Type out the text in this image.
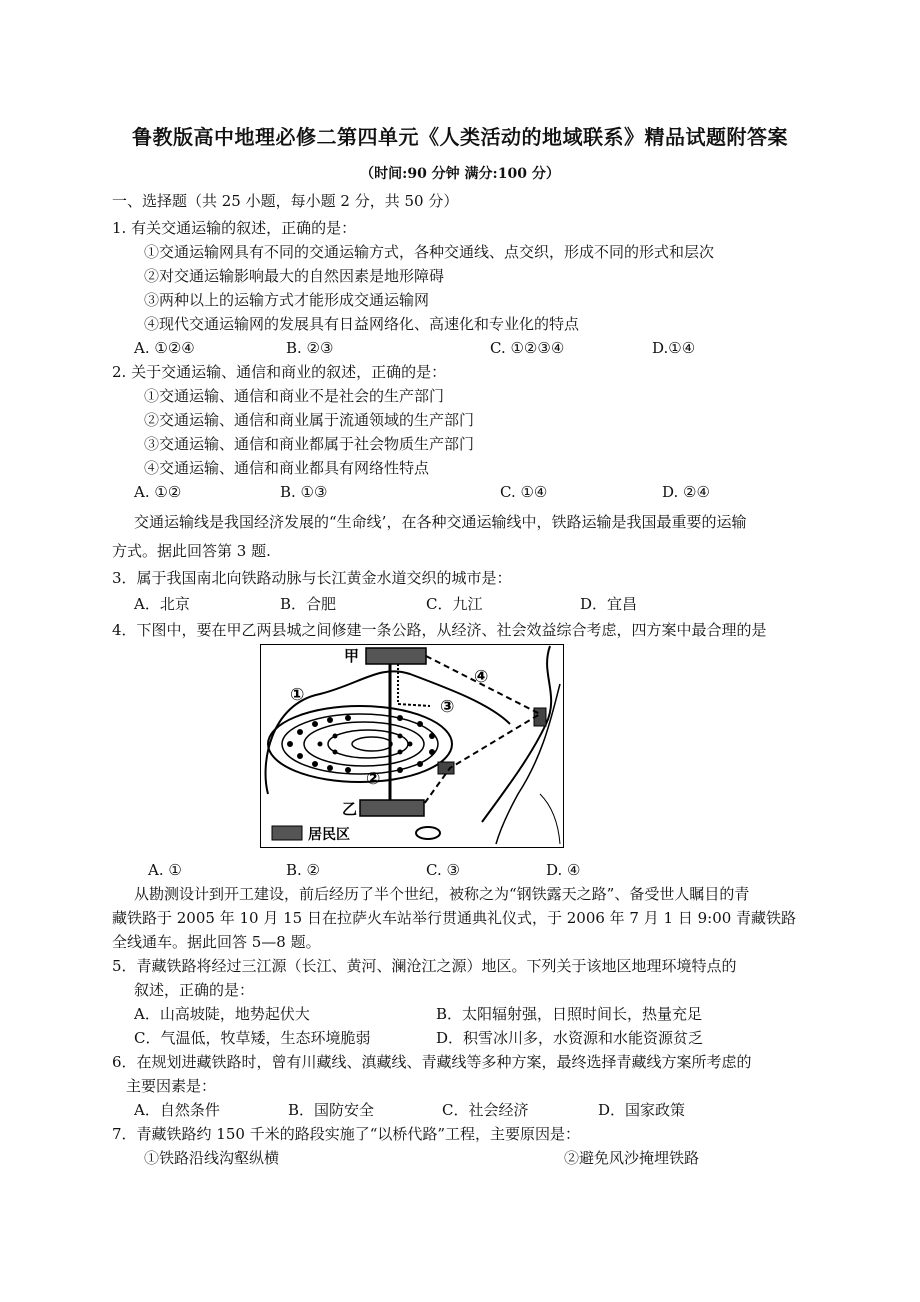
鲁教版高中地理必修二第四单元《人类活动的地域联系》精品试题附答案
（时间:90 分钟 满分:100 分）
一、选择题（共 25 小题，每小题 2 分，共 50 分）
1. 有关交通运输的叙述，正确的是：
①交通运输网具有不同的交通运输方式，各种交通线、点交织，形成不同的形式和层次
②对交通运输影响最大的自然因素是地形障碍
③两种以上的运输方式才能形成交通运输网
④现代交通运输网的发展具有日益网络化、高速化和专业化的特点
A. ①②④	B. ②③	C. ①②③④	D.①④
2. 关于交通运输、通信和商业的叙述，正确的是：
①交通运输、通信和商业不是社会的生产部门
②交通运输、通信和商业属于流通领域的生产部门
③交通运输、通信和商业都属于社会物质生产部门
④交通运输、通信和商业都具有网络性特点
A. ①②	B. ①③	C. ①④	D. ②④
交通运输线是我国经济发展的“生命线’，在各种交通运输线中，铁路运输是我国最重要的运输
方式。据此回答第 3 题.
3．属于我国南北向铁路动脉与长江黄金水道交织的城市是：
A．北京	B．合肥	C．九江	D．宜昌
4．下图中，要在甲乙两县城之间修建一条公路，从经济、社会效益综合考虑，四方案中最合理的是
甲
乙
①
②
③
④
居民区
A. ①	B. ②	C. ③	D. ④
从勘测设计到开工建设，前后经历了半个世纪，被称之为“钢铁露天之路”、备受世人瞩目的青
藏铁路于 2005 年 10 月 15 日在拉萨火车站举行贯通典礼仪式，于 2006 年 7 月 1 日 9:00 青藏铁路
全线通车。据此回答 5—8 题。
5．青藏铁路将经过三江源（长江、黄河、澜沧江之源）地区。下列关于该地区地理环境特点的
叙述，正确的是：
A．山高坡陡，地势起伏大	B．太阳辐射强，日照时间长，热量充足
C．气温低，牧草矮，生态环境脆弱	D．积雪冰川多，水资源和水能资源贫乏
6．在规划进藏铁路时，曾有川藏线、滇藏线、青藏线等多种方案，最终选择青藏线方案所考虑的
主要因素是：
A．自然条件	B．国防安全	C．社会经济	D．国家政策
7．青藏铁路约 150 千米的路段实施了“以桥代路”工程，主要原因是：
①铁路沿线沟壑纵横	②避免风沙掩埋铁路
